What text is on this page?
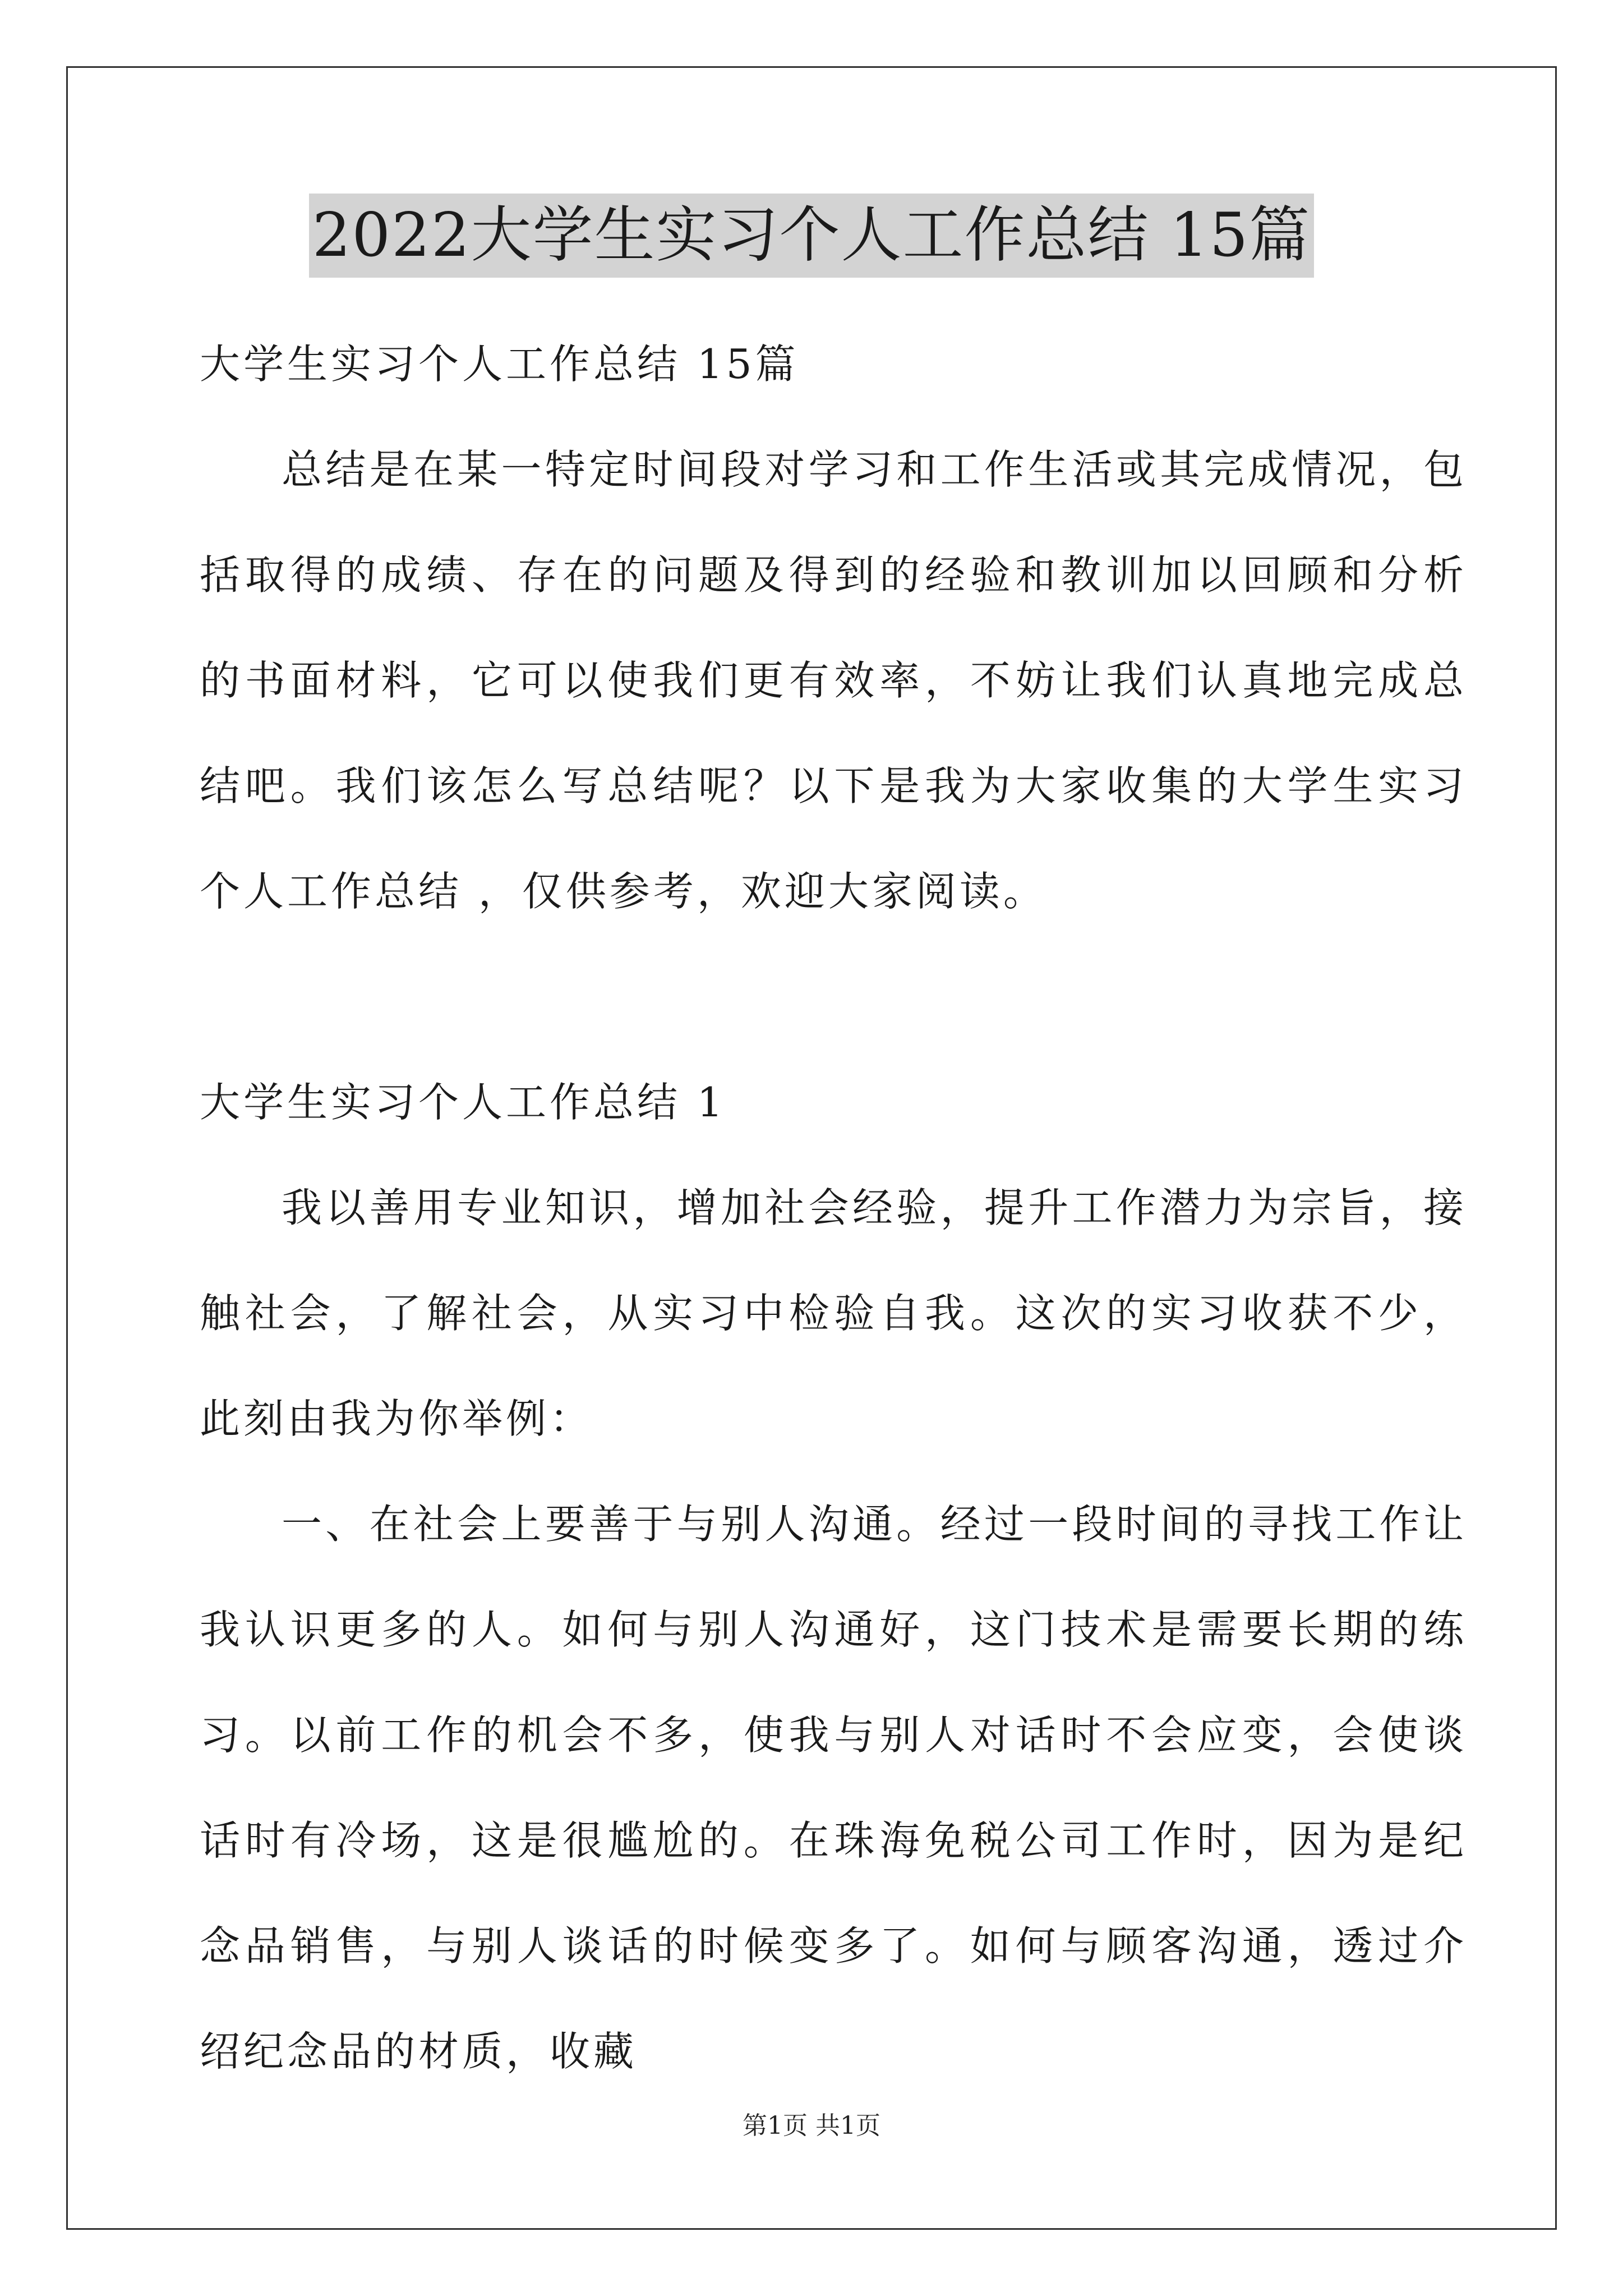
2022大学生实习个人工作总结 15篇

大学生实习个人工作总结 15篇

总结是在某一特定时间段对学习和工作生活或其完成情况，包括取得的成绩、存在的问题及得到的经验和教训加以回顾和分析的书面材料，它可以使我们更有效率，不妨让我们认真地完成总结吧。我们该怎么写总结呢？以下是我为大家收集的大学生实习个人工作总结 ，仅供参考，欢迎大家阅读。

大学生实习个人工作总结 1

我以善用专业知识，增加社会经验，提升工作潜力为宗旨，接触社会，了解社会，从实习中检验自我。这次的实习收获不少，此刻由我为你举例：

一、在社会上要善于与别人沟通。经过一段时间的寻找工作让我认识更多的人。如何与别人沟通好，这门技术是需要长期的练习。以前工作的机会不多，使我与别人对话时不会应变，会使谈话时有冷场，这是很尴尬的。在珠海免税公司工作时，因为是纪念品销售，与别人谈话的时候变多了。如何与顾客沟通，透过介绍纪念品的材质，收藏

第1页 共1页
